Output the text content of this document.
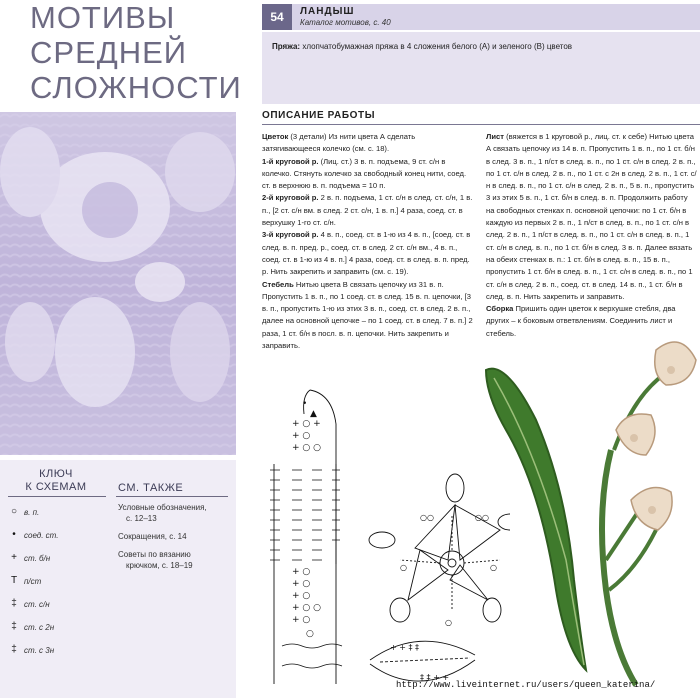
МОТИВЫ
СРЕДНЕЙ
СЛОЖНОСТИ
КЛЮЧ
К СХЕМАМ
○ в. п.
•	соед. ст.
+ ст. б/н
T п/ст
‡ ст. с/н
‡ ст. с 2н
‡ ст. с 3н
СМ. ТАКЖЕ
Условные обозначения,
с. 12–13
Сокращения, с. 14
Советы по вязанию
крючком, с. 18–19
54	ЛАНДЫШ
Каталог мотивов, с. 40
Пряжа: хлопчатобумажная пряжа в 4 сложения белого (А) и зеленого (В) цветов
ОПИСАНИЕ РАБОТЫ

Цветок (3 детали) Из нити цвета А сделать затягивающееся колечко (см. с. 18).

1-й круговой р. (Лиц. ст.) 3 в. п. подъема, 9 ст. с/н в колечко. Стянуть колечко за свободный конец нити, соед. ст. в верхнюю в. п. подъема = 10 п.

2-й круговой р. 2 в. п. подъема, 1 ст. с/н в след. ст. с/н, 1 в. п., [2 ст. с/н вм. в след. 2 ст. с/н, 1 в. п.] 4 раза, соед. ст. в верхушку 1-го ст. с/н.

3-й круговой р. 4 в. п., соед. ст. в 1-ю из 4 в. п., [соед. ст. в след. в. п. пред. р., соед. ст. в след. 2 ст. с/н вм., 4 в. п., соед. ст. в 1-ю из 4 в. п.] 4 раза, соед. ст. в след. в. п. пред. р. Нить закрепить и заправить (см. с. 19).

Стебель Нитью цвета В связать цепочку из 31 в. п. Пропустить 1 в. п., по 1 соед. ст. в след. 15 в. п. цепочки, [3 в. п., пропустить 1-ю из этих 3 в. п., соед. ст. в след. 2 в. п., далее на основной цепочке – по 1 соед. ст. в след. 7 в. п.] 2 раза, 1 ст. б/н в посл. в. п. цепочки. Нить закрепить и заправить.

Лист (вяжется в 1 круговой р., лиц. ст. к себе) Нитью цвета А связать цепочку из 14 в. п. Пропустить 1 в. п., по 1 ст. б/н в след. 3 в. п., 1 п/ст в след. в. п., по 1 ст. с/н в след. 2 в. п., по 1 ст. с/н в след. 2 в. п., по 1 ст. с 2н в след. 2 в. п., 1 ст. с/н в след. в. п., по 1 ст. с/н в след. 2 в. п., 5 в. п., пропустить 3 из этих 5 в. п., 1 ст. б/н в след. в. п. Продолжить работу на свободных стенках п. основной цепочки: по 1 ст. б/н в каждую из первых 2 в. п., 1 п/ст в след. в. п., по 1 ст. с/н в след. 2 в. п., 1 п/ст в след. в. п., по 1 ст. с/н в след. в. п., 1 ст. с/н в след. в. п., по 1 ст. б/н в след. 3 в. п. Далее вязать на обеих стенках в. п.: 1 ст. б/н в след. в. п., 15 в. п., пропустить 1 ст. б/н в след. в. п., 1 ст. с/н в след. в. п., по 1 ст. с/н в след. 2 в. п., соед. ст. в след. 14 в. п., 1 ст. б/н в след. в. п. Нить закрепить и заправить.

Сборка Пришить один цветок к верхушке стебля, два других – к боковым ответвлениям. Соединить лист и стебель.

•
▲
+ ○ +
+ ○
+ ○ ○
+ ○
+ ○
+ ○
+ ○ ○
+ ○
○
○○	○○
○	○
○
+ + ‡ ‡
‡ ‡ + +
http://www.liveinternet.ru/users/queen_katerina/
